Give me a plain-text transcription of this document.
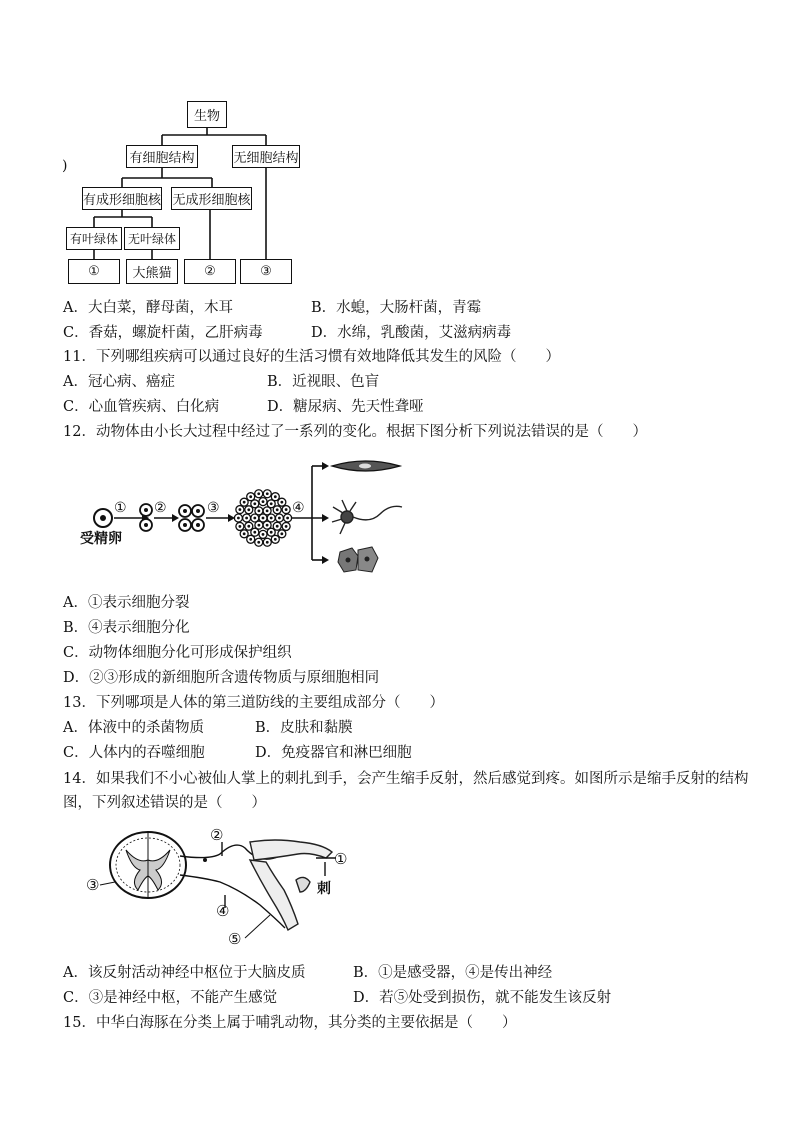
)
生物
有细胞结构	无细胞结构
有成形细胞核 无成形细胞核
有叶绿体 无叶绿体
①	大熊猫	②	③
A．大白菜，酵母菌，木耳	B．水螅，大肠杆菌，青霉
C．香菇，螺旋杆菌，乙肝病毒	D．水绵，乳酸菌，艾滋病病毒
11．下列哪组疾病可以通过良好的生活习惯有效地降低其发生的风险（　　）
A．冠心病、癌症	B．近视眼、色盲
C．心血管疾病、白化病	D．糖尿病、先天性聋哑
12．动物体由小长大过程中经过了一系列的变化。根据下图分析下列说法错误的是（　　）
① ②	③	④
受精卵
A．①表示细胞分裂
B．④表示细胞分化
C．动物体细胞分化可形成保护组织
D．②③形成的新细胞所含遗传物质与原细胞相同
13．下列哪项是人体的第三道防线的主要组成部分（　　）
A．体液中的杀菌物质	B．皮肤和黏膜
C．人体内的吞噬细胞	D．免疫器官和淋巴细胞
14．如果我们不小心被仙人掌上的刺扎到手，会产生缩手反射，然后感觉到疼。如图所示是缩手反射的结构
图，下列叙述错误的是（　　）
①
②
③
④
⑤
刺
A．该反射活动神经中枢位于大脑皮质	B．①是感受器，④是传出神经
C．③是神经中枢，不能产生感觉	D．若⑤处受到损伤，就不能发生该反射
15．中华白海豚在分类上属于哺乳动物，其分类的主要依据是（　　）
